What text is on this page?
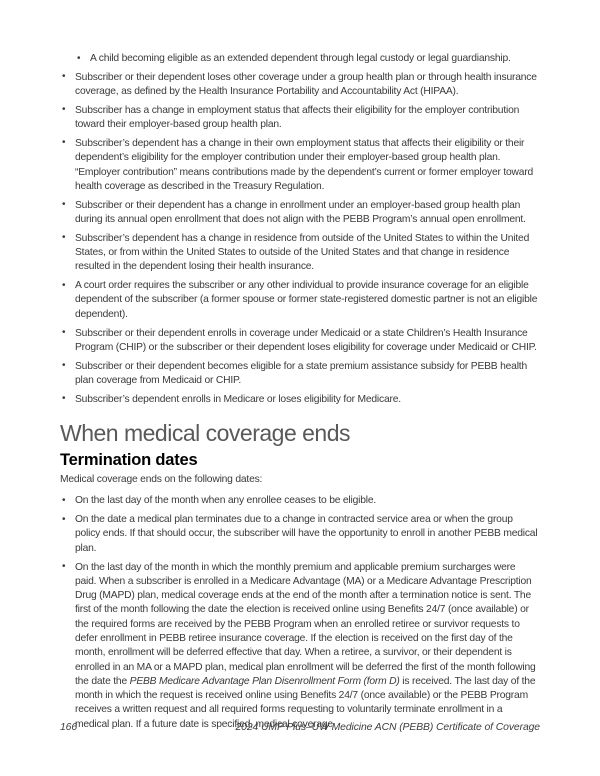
• A child becoming eligible as an extended dependent through legal custody or legal guardianship.
• Subscriber or their dependent loses other coverage under a group health plan or through health insurance coverage, as defined by the Health Insurance Portability and Accountability Act (HIPAA).
• Subscriber has a change in employment status that affects their eligibility for the employer contribution toward their employer-based group health plan.
• Subscriber’s dependent has a change in their own employment status that affects their eligibility or their dependent’s eligibility for the employer contribution under their employer-based group health plan. “Employer contribution” means contributions made by the dependent’s current or former employer toward health coverage as described in the Treasury Regulation.
• Subscriber or their dependent has a change in enrollment under an employer-based group health plan during its annual open enrollment that does not align with the PEBB Program’s annual open enrollment.
• Subscriber’s dependent has a change in residence from outside of the United States to within the United States, or from within the United States to outside of the United States and that change in residence resulted in the dependent losing their health insurance.
• A court order requires the subscriber or any other individual to provide insurance coverage for an eligible dependent of the subscriber (a former spouse or former state-registered domestic partner is not an eligible dependent).
• Subscriber or their dependent enrolls in coverage under Medicaid or a state Children’s Health Insurance Program (CHIP) or the subscriber or their dependent loses eligibility for coverage under Medicaid or CHIP.
• Subscriber or their dependent becomes eligible for a state premium assistance subsidy for PEBB health plan coverage from Medicaid or CHIP.
• Subscriber’s dependent enrolls in Medicare or loses eligibility for Medicare.
When medical coverage ends
Termination dates

Medical coverage ends on the following dates:

• On the last day of the month when any enrollee ceases to be eligible.
• On the date a medical plan terminates due to a change in contracted service area or when the group policy ends. If that should occur, the subscriber will have the opportunity to enroll in another PEBB medical plan.
• On the last day of the month in which the monthly premium and applicable premium surcharges were paid. When a subscriber is enrolled in a Medicare Advantage (MA) or a Medicare Advantage Prescription Drug (MAPD) plan, medical coverage ends at the end of the month after a termination notice is sent. The first of the month following the date the election is received online using Benefits 24/7 (once available) or the required forms are received by the PEBB Program when an enrolled retiree or survivor requests to defer enrollment in PEBB retiree insurance coverage. If the election is received on the first day of the month, enrollment will be deferred effective that day. When a retiree, a survivor, or their dependent is enrolled in an MA or a MAPD plan, medical plan enrollment will be deferred the first of the month following the date the PEBB Medicare Advantage Plan Disenrollment Form (form D) is received. The last day of the month in which the request is received online using Benefits 24/7 (once available) or the PEBB Program receives a written request and all required forms requesting to voluntarily terminate enrollment in a medical plan. If a future date is specified, medical coverage
166	2024 UMP Plus–UW Medicine ACN (PEBB) Certificate of Coverage
